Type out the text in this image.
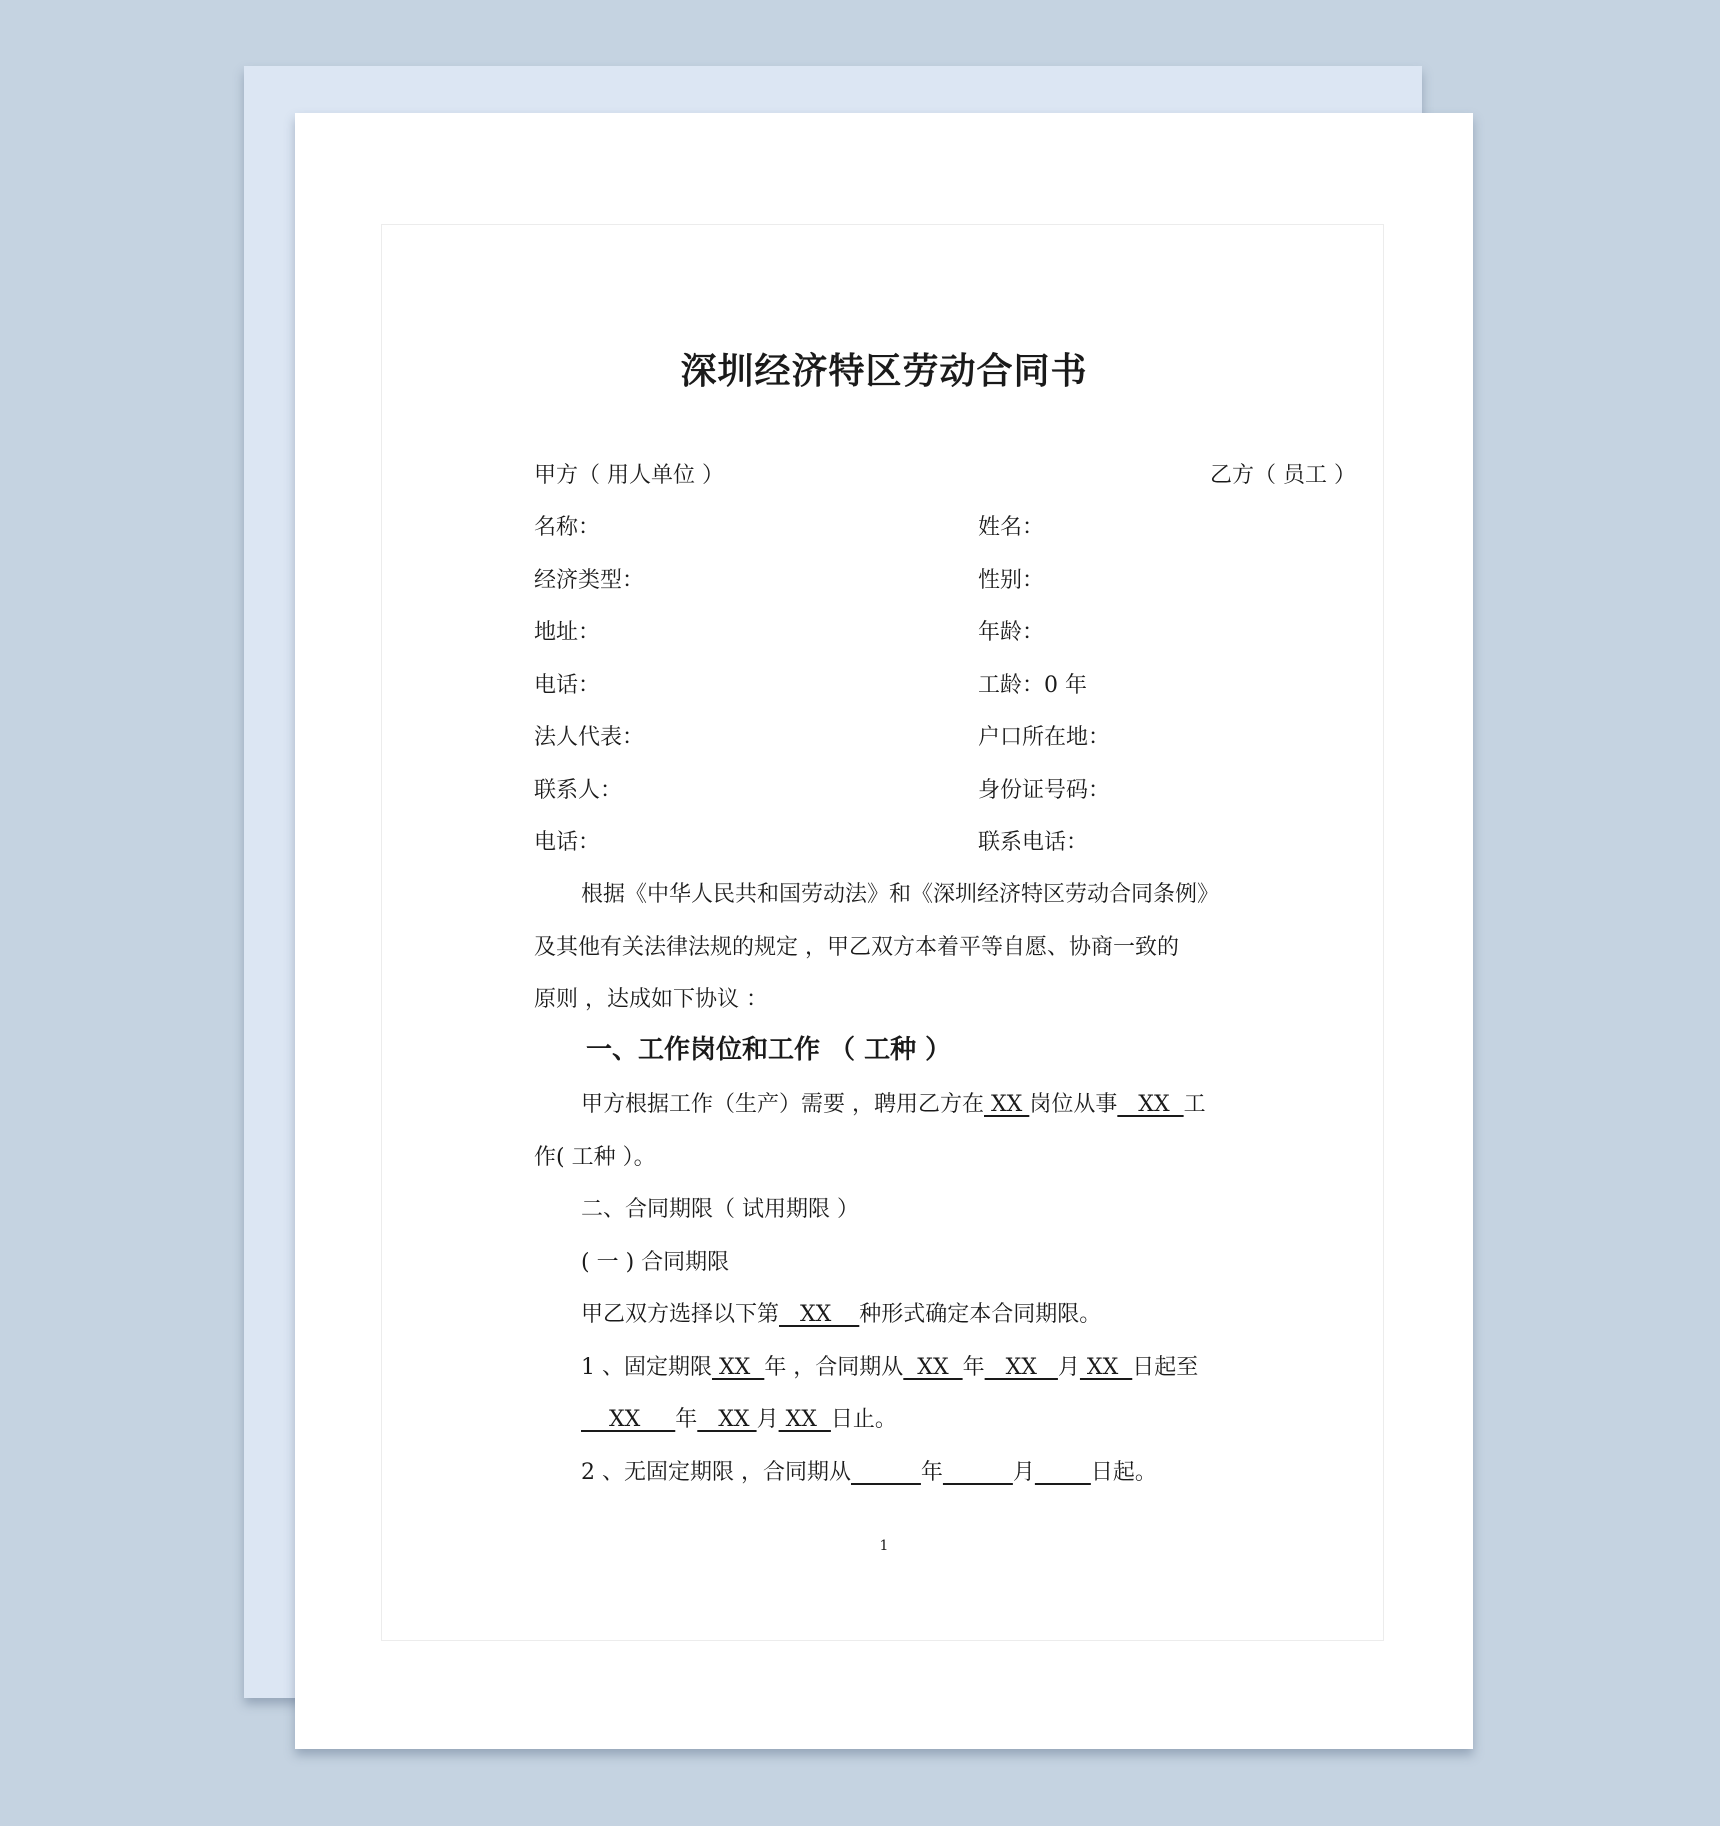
深圳经济特区劳动合同书
甲方（ 用人单位 ）	乙方（ 员工 ）
名称：	姓名：
经济类型：	性别：
地址：	年龄：
电话：	工龄：0 年
法人代表：	户口所在地：
联系人：	身份证号码：
电话：	联系电话：
根据《中华人民共和国劳动法》和《深圳经济特区劳动合同条例》
及其他有关法律法规的规定 ，甲乙双方本着平等自愿、协商一致的
原则 ，达成如下协议 ：
一、工作岗位和工作 （ 工种 ）
甲方根据工作（生产）需要 ，聘用乙方在 XX 岗位从事   XX  工
作( 工种 ）。
二、合同期限（ 试用期限 ）
( 一 ) 合同期限
甲乙双方选择以下第   XX    种形式确定本合同期限。
1 、固定期限 XX  年 ，合同期从  XX  年   XX   月 XX  日起至
XX     年   XX 月 XX  日止。
2 、无固定期限 ，合同期从	年	月	日起。
1
